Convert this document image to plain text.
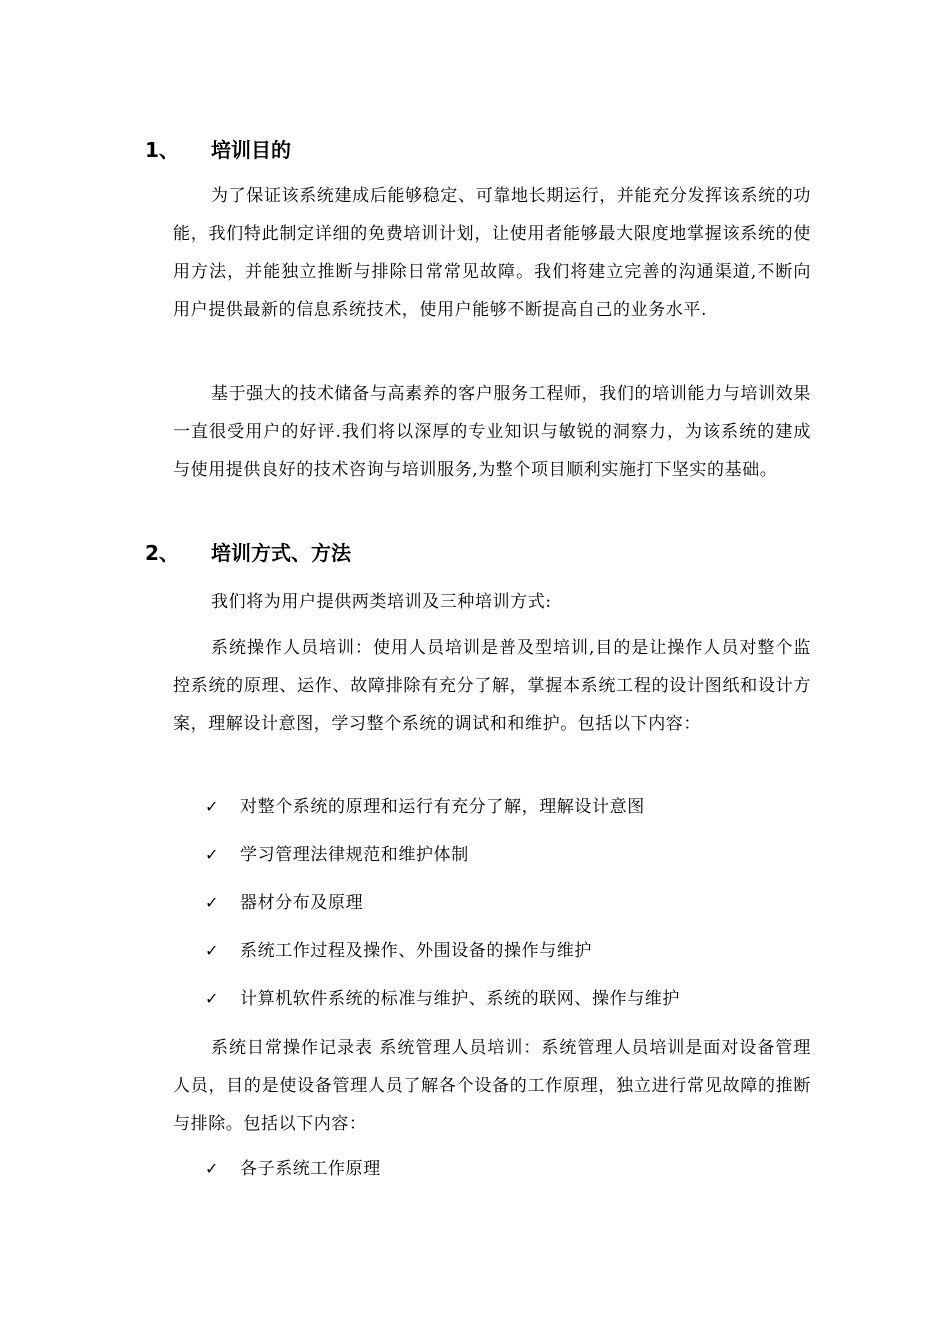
1、 培训目的

为了保证该系统建成后能够稳定、可靠地长期运行，并能充分发挥该系统的功能，我们特此制定详细的免费培训计划，让使用者能够最大限度地掌握该系统的使用方法，并能独立推断与排除日常常见故障。我们将建立完善的沟通渠道,不断向用户提供最新的信息系统技术，使用户能够不断提高自己的业务水平.

基于强大的技术储备与高素养的客户服务工程师，我们的培训能力与培训效果一直很受用户的好评.我们将以深厚的专业知识与敏锐的洞察力，为该系统的建成与使用提供良好的技术咨询与培训服务,为整个项目顺利实施打下坚实的基础。

2、 培训方式、方法
我们将为用户提供两类培训及三种培训方式:

系统操作人员培训：使用人员培训是普及型培训,目的是让操作人员对整个监控系统的原理、运作、故障排除有充分了解，掌握本系统工程的设计图纸和设计方案，理解设计意图，学习整个系统的调试和和维护。包括以下内容：

✓ 对整个系统的原理和运行有充分了解，理解设计意图
✓ 学习管理法律规范和维护体制
✓ 器材分布及原理
✓ 系统工作过程及操作、外围设备的操作与维护
✓ 计算机软件系统的标准与维护、系统的联网、操作与维护

系统日常操作记录表 系统管理人员培训：系统管理人员培训是面对设备管理人员，目的是使设备管理人员了解各个设备的工作原理，独立进行常见故障的推断与排除。包括以下内容：

✓ 各子系统工作原理
